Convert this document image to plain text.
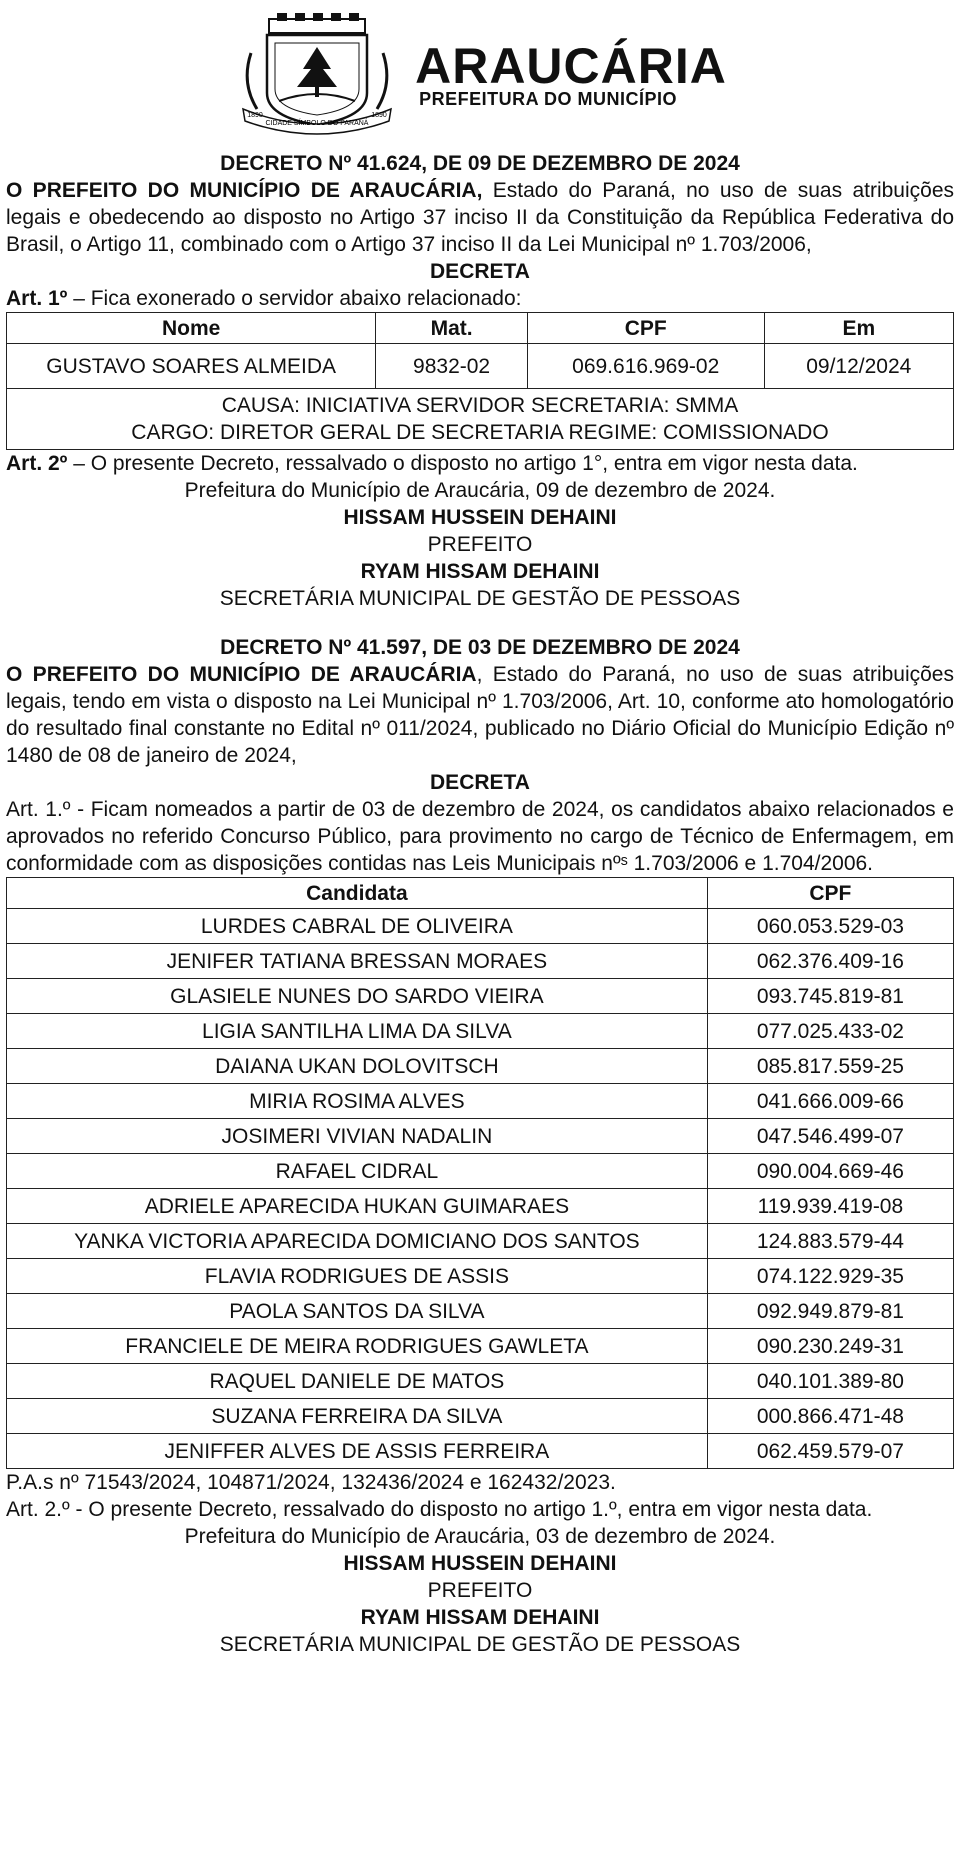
CIDADE SÍMBOLO DO PARANÁ
1890	1890
ARAUCÁRIA
PREFEITURA DO MUNICÍPIO
DECRETO Nº 41.624, DE 09 DE DEZEMBRO DE 2024

O PREFEITO DO MUNICÍPIO DE ARAUCÁRIA, Estado do Paraná, no uso de suas atribuições legais e obedecendo ao disposto no Artigo 37 inciso II da Constituição da República Federativa do Brasil, o Artigo 11, combinado com o Artigo 37 inciso II da Lei Municipal nº 1.703/2006,

DECRETA

Art. 1º – Fica exonerado o servidor abaixo relacionado:

Nome	Mat.	CPF	Em
GUSTAVO SOARES ALMEIDA	9832-02	069.616.969-02	09/12/2024

CAUSA: INICIATIVA SERVIDOR SECRETARIA: SMMA
CARGO: DIRETOR GERAL DE SECRETARIA REGIME: COMISSIONADO			

Art. 2º – O presente Decreto, ressalvado o disposto no artigo 1°, entra em vigor nesta data.

Prefeitura do Município de Araucária, 09 de dezembro de 2024.
HISSAM HUSSEIN DEHAINI
PREFEITO
RYAM HISSAM DEHAINI
SECRETÁRIA MUNICIPAL DE GESTÃO DE PESSOAS
DECRETO Nº 41.597, DE 03 DE DEZEMBRO DE 2024

O PREFEITO DO MUNICÍPIO DE ARAUCÁRIA, Estado do Paraná, no uso de suas atribuições legais, tendo em vista o disposto na Lei Municipal nº 1.703/2006, Art. 10, conforme ato homologatório do resultado final constante no Edital nº 011/2024, publicado no Diário Oficial do Município Edição nº 1480 de 08 de janeiro de 2024,

DECRETA

Art. 1.º - Ficam nomeados a partir de 03 de dezembro de 2024, os candidatos abaixo relacionados e aprovados no referido Concurso Público, para provimento no cargo de Técnico de Enfermagem, em conformidade com as disposições contidas nas Leis Municipais nºˢ 1.703/2006 e 1.704/2006.

Candidata	CPF
LURDES CABRAL DE OLIVEIRA	060.053.529-03
JENIFER TATIANA BRESSAN MORAES	062.376.409-16
GLASIELE NUNES DO SARDO VIEIRA	093.745.819-81
LIGIA SANTILHA LIMA DA SILVA	077.025.433-02
DAIANA UKAN DOLOVITSCH	085.817.559-25
MIRIA ROSIMA ALVES	041.666.009-66
JOSIMERI VIVIAN NADALIN	047.546.499-07
RAFAEL CIDRAL	090.004.669-46
ADRIELE APARECIDA HUKAN GUIMARAES	119.939.419-08
YANKA VICTORIA APARECIDA DOMICIANO DOS SANTOS	124.883.579-44
FLAVIA RODRIGUES DE ASSIS	074.122.929-35
PAOLA SANTOS DA SILVA	092.949.879-81
FRANCIELE DE MEIRA RODRIGUES GAWLETA	090.230.249-31
RAQUEL DANIELE DE MATOS	040.101.389-80
SUZANA FERREIRA DA SILVA	000.866.471-48
JENIFFER ALVES DE ASSIS FERREIRA	062.459.579-07

P.A.s nº 71543/2024, 104871/2024, 132436/2024 e 162432/2023.

Art. 2.º - O presente Decreto, ressalvado do disposto no artigo 1.º, entra em vigor nesta data.

Prefeitura do Município de Araucária, 03 de dezembro de 2024.
HISSAM HUSSEIN DEHAINI
PREFEITO
RYAM HISSAM DEHAINI
SECRETÁRIA MUNICIPAL DE GESTÃO DE PESSOAS
